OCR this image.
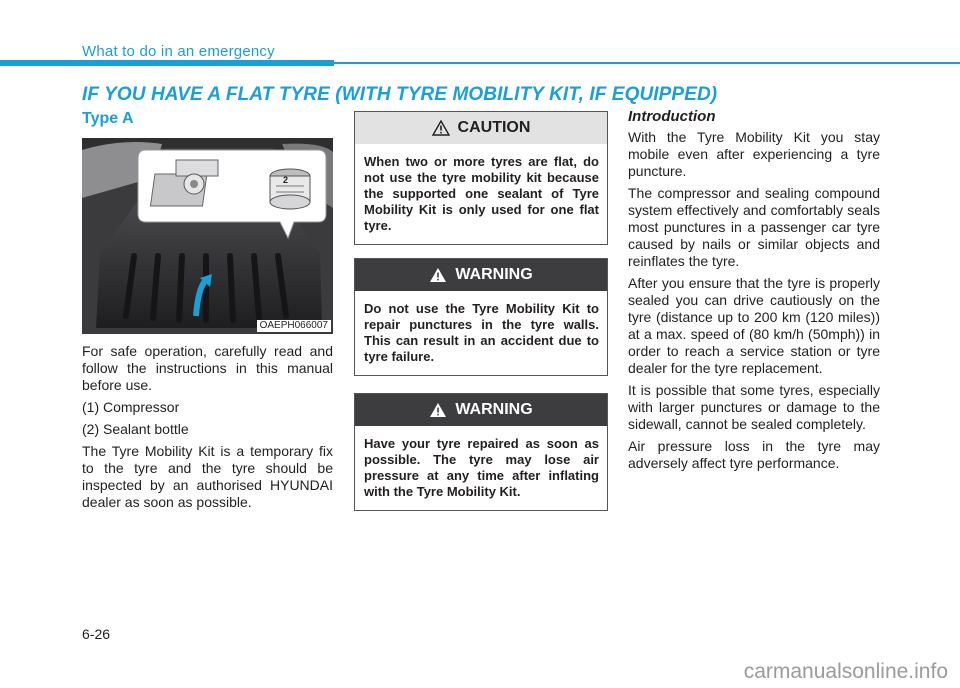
What to do in an emergency
IF YOU HAVE A FLAT TYRE (WITH TYRE MOBILITY KIT, IF EQUIPPED)
Type A
2
OAEPH066007

For safe operation, carefully read and follow the instructions in this manual before use.

(1) Compressor

(2) Sealant bottle

The Tyre Mobility Kit is a temporary fix to the tyre and the tyre should be inspected by an authorised HYUNDAI dealer as soon as possible.

CAUTION
When two or more tyres are flat, do not use the tyre mobility kit because the supported one sealant of Tyre Mobility Kit is only used for one flat tyre.
WARNING
Do not use the Tyre Mobility Kit to repair punctures in the tyre walls. This can result in an accident due to tyre failure.
WARNING
Have your tyre repaired as soon as possible. The tyre may lose air pressure at any time after inflating with the Tyre Mobility Kit.
Introduction

With the Tyre Mobility Kit you stay mobile even after experiencing a tyre puncture.

The compressor and sealing compound system effectively and comfortably seals most punctures in a passenger car tyre caused by nails or similar objects and reinflates the tyre.

After you ensure that the tyre is properly sealed you can drive cautiously on the tyre (distance up to 200 km (120 miles)) at a max. speed of (80 km/h (50mph)) in order to reach a service station or tyre dealer for the tyre replacement.

It is possible that some tyres, especially with larger punctures or damage to the sidewall, cannot be sealed completely.

Air pressure loss in the tyre may adversely affect tyre performance.

6-26
carmanualsonline.info
